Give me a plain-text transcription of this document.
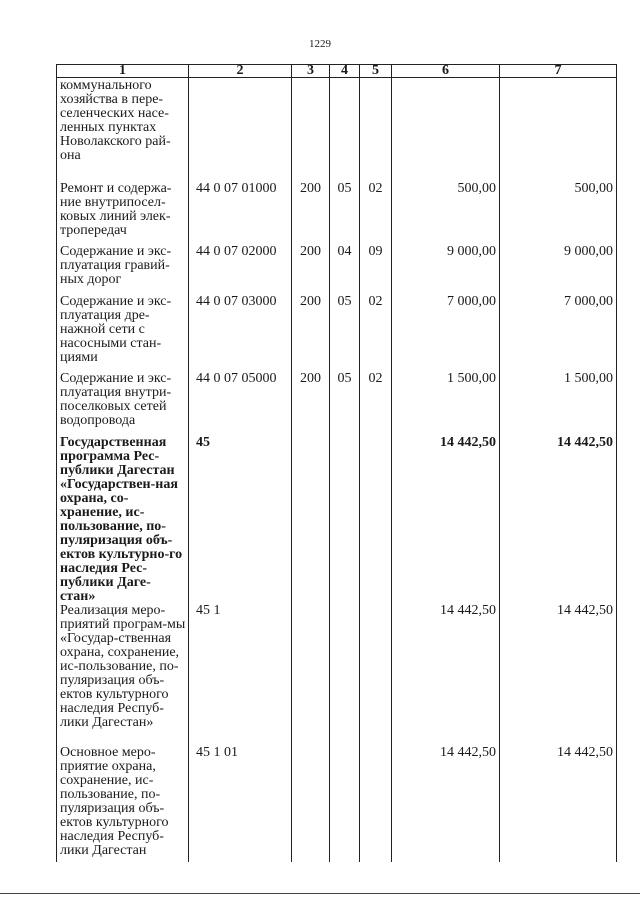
1229
1	2	3	4	5	6	7
коммунального хозяйства в пере-селенческих насе-ленных пунктах Новолакского рай-она						
Ремонт и содержа-ние внутрипосел-ковых линий элек-тропередач	44 0 07 01000	200	05	02	500,00	500,00
Содержание и экс-плуатация гравий-ных дорог	44 0 07 02000	200	04	09	9 000,00	9 000,00
Содержание и экс-плуатация дре-нажной сети с насосными стан-циями	44 0 07 03000	200	05	02	7 000,00	7 000,00
Содержание и экс-плуатация внутри-поселковых сетей водопровода	44 0 07 05000	200	05	02	1 500,00	1 500,00
Государственная программа Рес-публики Дагестан «Государствен-ная охрана, со-хранение, ис-пользование, по-пуляризация объ-ектов культурно-го наследия Рес-публики Даге-стан»	45				14 442,50	14 442,50
Реализация меро-приятий програм-мы «Государ-ственная охрана, сохранение, ис-пользование, по-пуляризация объ-ектов культурного наследия Респуб-лики Дагестан»	45 1				14 442,50	14 442,50
Основное меро-приятие охрана, сохранение, ис-пользование, по-пуляризация объ-ектов культурного наследия Респуб-лики Дагестан	45 1 01				14 442,50	14 442,50
